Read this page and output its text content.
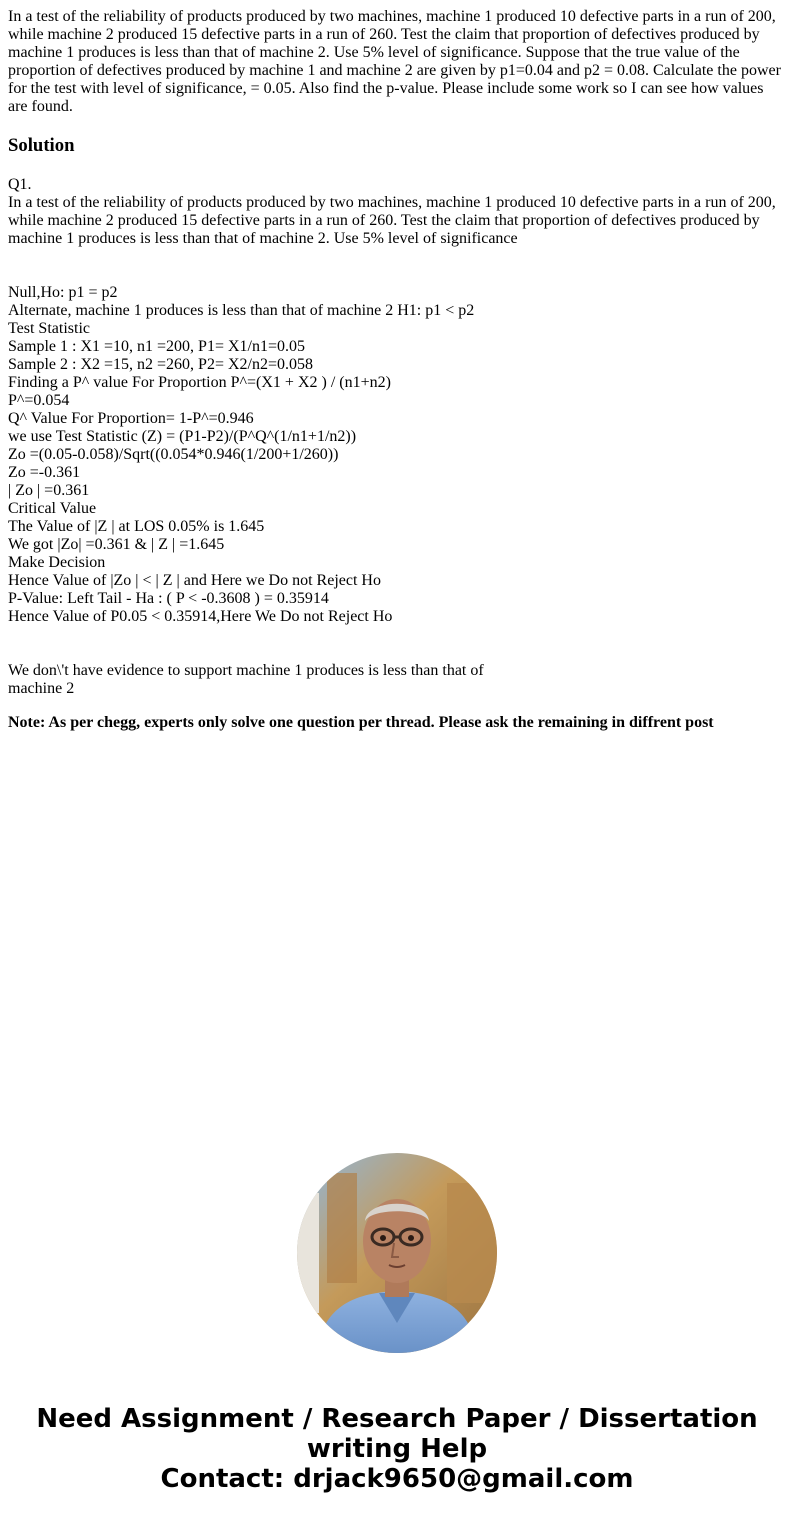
In a test of the reliability of products produced by two machines, machine 1 produced 10 defective parts in a run of 200, while machine 2 produced 15 defective parts in a run of 260. Test the claim that proportion of defectives produced by machine 1 produces is less than that of machine 2. Use 5% level of significance. Suppose that the true value of the proportion of defectives produced by machine 1 and machine 2 are given by p1=0.04 and p2 = 0.08. Calculate the power for the test with level of significance, = 0.05. Also find the p-value. Please include some work so I can see how values are found.

Solution
Q1.
In a test of the reliability of products produced by two machines, machine 1 produced 10 defective parts in a run of 200, while machine 2 produced 15 defective parts in a run of 260. Test the claim that proportion of defectives produced by machine 1 produces is less than that of machine 2. Use 5% level of significance
Null,Ho: p1 = p2
Alternate, machine 1 produces is less than that of machine 2 H1: p1 < p2
Test Statistic
Sample 1 : X1 =10, n1 =200, P1= X1/n1=0.05
Sample 2 : X2 =15, n2 =260, P2= X2/n2=0.058
Finding a P^ value For Proportion P^=(X1 + X2 ) / (n1+n2)
P^=0.054
Q^ Value For Proportion= 1-P^=0.946
we use Test Statistic (Z) = (P1-P2)/(P^Q^(1/n1+1/n2))
Zo =(0.05-0.058)/Sqrt((0.054*0.946(1/200+1/260))
Zo =-0.361
| Zo | =0.361
Critical Value
The Value of |Z | at LOS 0.05% is 1.645
We got |Zo| =0.361 & | Z | =1.645
Make Decision
Hence Value of |Zo | < | Z | and Here we Do not Reject Ho
P-Value: Left Tail - Ha : ( P < -0.3608 ) = 0.35914
Hence Value of P0.05 < 0.35914,Here We Do not Reject Ho
We don\'t have evidence to support machine 1 produces is less than that of
machine 2

Note: As per chegg, experts only solve one question per thread. Please ask the remaining in diffrent post

Need Assignment / Research Paper / Dissertation
writing Help
Contact: drjack9650@gmail.com
